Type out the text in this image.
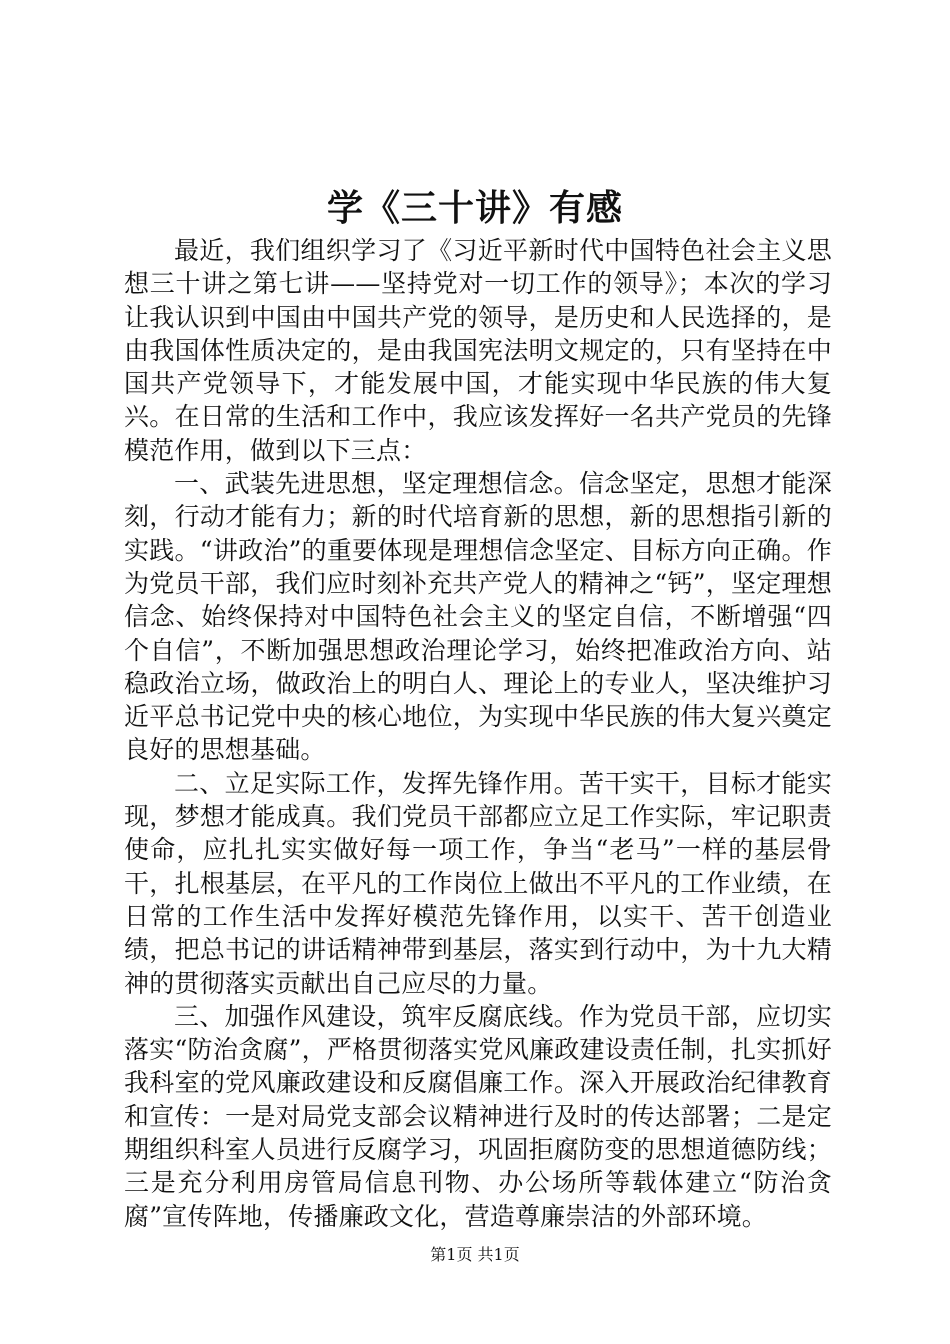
学《三十讲》有感

最近，我们组织学习了《习近平新时代中国特色社会主义思想三十讲之第七讲——坚持党对一切工作的领导》；本次的学习让我认识到中国由中国共产党的领导，是历史和人民选择的，是由我国体性质决定的，是由我国宪法明文规定的，只有坚持在中国共产党领导下，才能发展中国，才能实现中华民族的伟大复兴。在日常的生活和工作中，我应该发挥好一名共产党员的先锋模范作用，做到以下三点：

一、武装先进思想，坚定理想信念。信念坚定，思想才能深刻，行动才能有力；新的时代培育新的思想，新的思想指引新的实践。“讲政治”的重要体现是理想信念坚定、目标方向正确。作为党员干部，我们应时刻补充共产党人的精神之“钙”，坚定理想信念、始终保持对中国特色社会主义的坚定自信，不断增强“四个自信”，不断加强思想政治理论学习，始终把准政治方向、站稳政治立场，做政治上的明白人、理论上的专业人，坚决维护习近平总书记党中央的核心地位，为实现中华民族的伟大复兴奠定良好的思想基础。

二、立足实际工作，发挥先锋作用。苦干实干，目标才能实现，梦想才能成真。我们党员干部都应立足工作实际，牢记职责使命，应扎扎实实做好每一项工作，争当“老马”一样的基层骨干，扎根基层，在平凡的工作岗位上做出不平凡的工作业绩，在日常的工作生活中发挥好模范先锋作用，以实干、苦干创造业绩，把总书记的讲话精神带到基层，落实到行动中，为十九大精神的贯彻落实贡献出自己应尽的力量。

三、加强作风建设，筑牢反腐底线。作为党员干部，应切实落实“防治贪腐”，严格贯彻落实党风廉政建设责任制，扎实抓好我科室的党风廉政建设和反腐倡廉工作。深入开展政治纪律教育和宣传：一是对局党支部会议精神进行及时的传达部署；二是定期组织科室人员进行反腐学习，巩固拒腐防变的思想道德防线；三是充分利用房管局信息刊物、办公场所等载体建立“防治贪腐”宣传阵地，传播廉政文化，营造尊廉崇洁的外部环境。

第1页 共1页
